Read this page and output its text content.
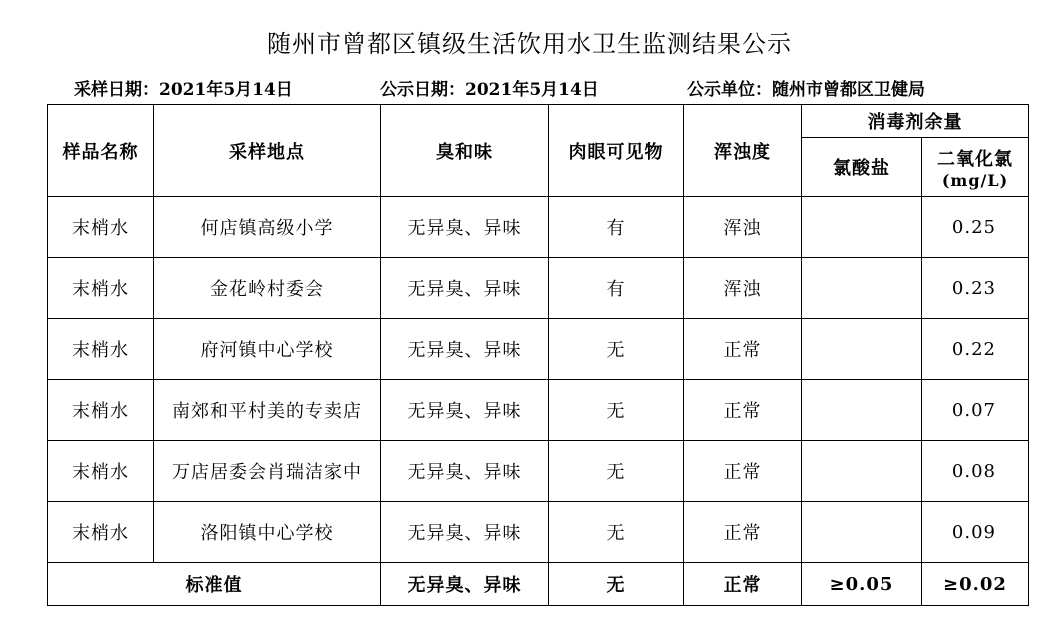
随州市曾都区镇级生活饮用水卫生监测结果公示
采样日期：2021年5月14日	公示日期：2021年5月14日	公示单位：随州市曾都区卫健局
样品名称	采样地点	臭和味	肉眼可见物	浑浊度	消毒剂余量	
					氯酸盐	二氧化氯
(mg/L)

末梢水	何店镇高级小学	无异臭、异味	有	浑浊		0.25
末梢水	金花岭村委会	无异臭、异味	有	浑浊		0.23
末梢水	府河镇中心学校	无异臭、异味	无	正常		0.22
末梢水	南郊和平村美的专卖店	无异臭、异味	无	正常		0.07
末梢水	万店居委会肖瑞洁家中	无异臭、异味	无	正常		0.08
末梢水	洛阳镇中心学校	无异臭、异味	无	正常		0.09
标准值		无异臭、异味	无	正常	≥0.05	≥0.02
